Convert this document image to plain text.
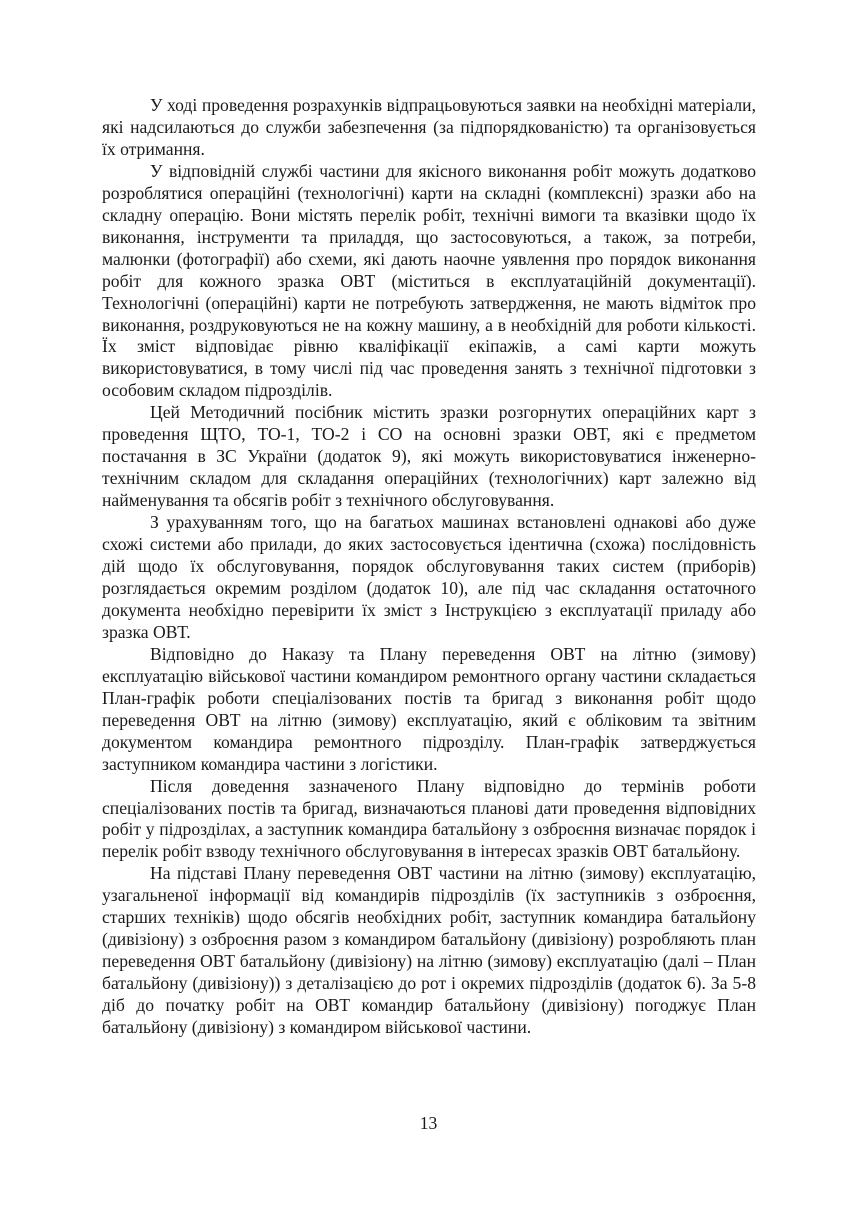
У ході проведення розрахунків відпрацьовуються заявки на необхідні матеріали, які надсилаються до служби забезпечення (за підпорядкованістю) та організовується їх отримання.

У відповідній службі частини для якісного виконання робіт можуть додатково розроблятися операційні (технологічні) карти на складні (комплексні) зразки або на складну операцію. Вони містять перелік робіт, технічні вимоги та вказівки щодо їх виконання, інструменти та приладдя, що застосовуються, а також, за потреби, малюнки (фотографії) або схеми, які дають наочне уявлення про порядок виконання робіт для кожного зразка ОВТ (міститься в експлуатаційній документації). Технологічні (операційні) карти не потребують затвердження, не мають відміток про виконання, роздруковуються не на кожну машину, а в необхідній для роботи кількості. Їх зміст відповідає рівню кваліфікації екіпажів, а самі карти можуть використовуватися, в тому числі під час проведення занять з технічної підготовки з особовим складом підрозділів.

Цей Методичний посібник містить зразки розгорнутих операційних карт з проведення ЩТО, ТО-1, ТО-2 і СО на основні зразки ОВТ, які є предметом постачання в ЗС України (додаток 9), які можуть використовуватися інженерно-технічним складом для складання операційних (технологічних) карт залежно від найменування та обсягів робіт з технічного обслуговування.

З урахуванням того, що на багатьох машинах встановлені однакові або дуже схожі системи або прилади, до яких застосовується ідентична (схожа) послідовність дій щодо їх обслуговування, порядок обслуговування таких систем (приборів) розглядається окремим розділом (додаток 10), але під час складання остаточного документа необхідно перевірити їх зміст з Інструкцією з експлуатації приладу або зразка ОВТ.

Відповідно до Наказу та Плану переведення ОВТ на літню (зимову) експлуатацію військової частини командиром ремонтного органу частини складається План-графік роботи спеціалізованих постів та бригад з виконання робіт щодо переведення ОВТ на літню (зимову) експлуатацію, який є обліковим та звітним документом командира ремонтного підрозділу. План-графік затверджується заступником командира частини з логістики.

Після доведення зазначеного Плану відповідно до термінів роботи спеціалізованих постів та бригад, визначаються планові дати проведення відповідних робіт у підрозділах, а заступник командира батальйону з озброєння визначає порядок і перелік робіт взводу технічного обслуговування в інтересах зразків ОВТ батальйону.

На підставі Плану переведення ОВТ частини на літню (зимову) експлуатацію, узагальненої інформації від командирів підрозділів (їх заступників з озброєння, старших техніків) щодо обсягів необхідних робіт, заступник командира батальйону (дивізіону) з озброєння разом з командиром батальйону (дивізіону) розробляють план переведення ОВТ батальйону (дивізіону) на літню (зимову) експлуатацію (далі – План батальйону (дивізіону)) з деталізацією до рот і окремих підрозділів (додаток 6). За 5-8 діб до початку робіт на ОВТ командир батальйону (дивізіону) погоджує План батальйону (дивізіону) з командиром військової частини.

13
